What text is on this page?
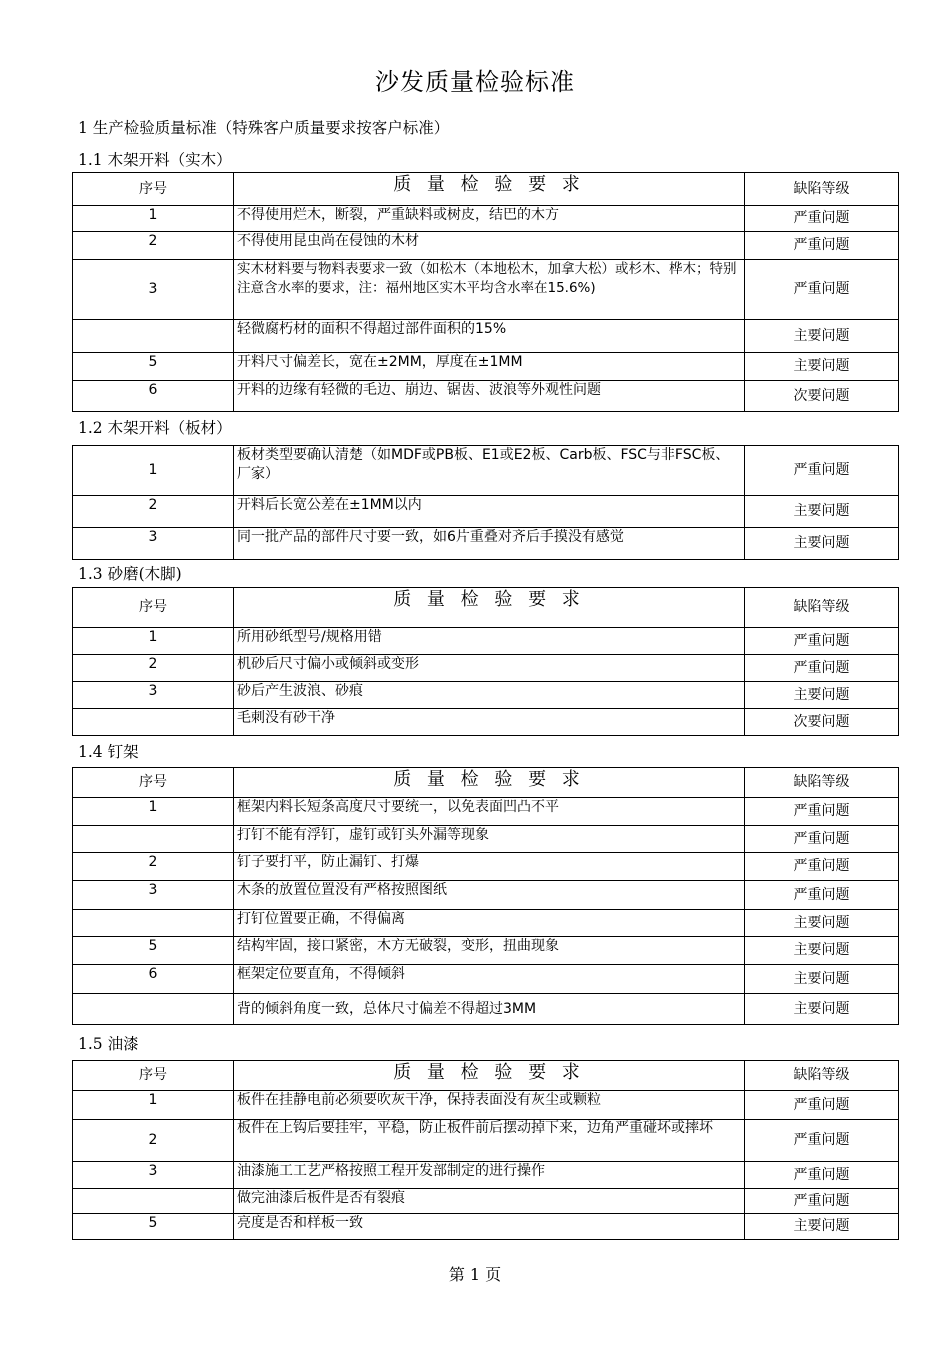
沙发质量检验标准
1 生产检验质量标准（特殊客户质量要求按客户标准）
1.1 木架开料（实木）
序号	质 量 检 验 要 求	缺陷等级
1	不得使用烂木，断裂，严重缺料或树皮，结巴的木方	严重问题
2	不得使用昆虫尚在侵蚀的木材	严重问题
3	实木材料要与物料表要求一致（如松木（本地松木，加拿大松）或杉木、桦木；特别注意含水率的要求，注：福州地区实木平均含水率在15.6%)	严重问题
	轻微腐朽材的面积不得超过部件面积的15%	主要问题
5	开料尺寸偏差长，宽在±2MM，厚度在±1MM	主要问题
6	开料的边缘有轻微的毛边、崩边、锯齿、波浪等外观性问题	次要问题
1.2 木架开料（板材）
1	板材类型要确认清楚（如MDF或PB板、E1或E2板、Carb板、FSC与非FSC板、厂家）	严重问题
2	开料后长宽公差在±1MM以内	主要问题
3	同一批产品的部件尺寸要一致，如6片重叠对齐后手摸没有感觉	主要问题
1.3 砂磨(木脚)
序号	质 量 检 验 要 求	缺陷等级
1	所用砂纸型号/规格用错	严重问题
2	机砂后尺寸偏小或倾斜或变形	严重问题
3	砂后产生波浪、砂痕	主要问题
	毛刺没有砂干净	次要问题
1.4 钉架
序号	质 量 检 验 要 求	缺陷等级
1	框架内料长短条高度尺寸要统一，以免表面凹凸不平	严重问题
	打钉不能有浮钉，虚钉或钉头外漏等现象	严重问题
2	钉子要打平，防止漏钉、打爆	严重问题
3	木条的放置位置没有严格按照图纸	严重问题
	打钉位置要正确，不得偏离	主要问题
5	结构牢固，接口紧密，木方无破裂，变形，扭曲现象	主要问题
6	框架定位要直角，不得倾斜	主要问题
	背的倾斜角度一致，总体尺寸偏差不得超过3MM	主要问题
1.5 油漆
序号	质 量 检 验 要 求	缺陷等级
1	板件在挂静电前必须要吹灰干净，保持表面没有灰尘或颗粒	严重问题
2	板件在上钩后要挂牢，平稳，防止板件前后摆动掉下来，边角严重碰坏或摔坏	严重问题
3	油漆施工工艺严格按照工程开发部制定的进行操作	严重问题
	做完油漆后板件是否有裂痕	严重问题
5	亮度是否和样板一致	主要问题
第 1 页
